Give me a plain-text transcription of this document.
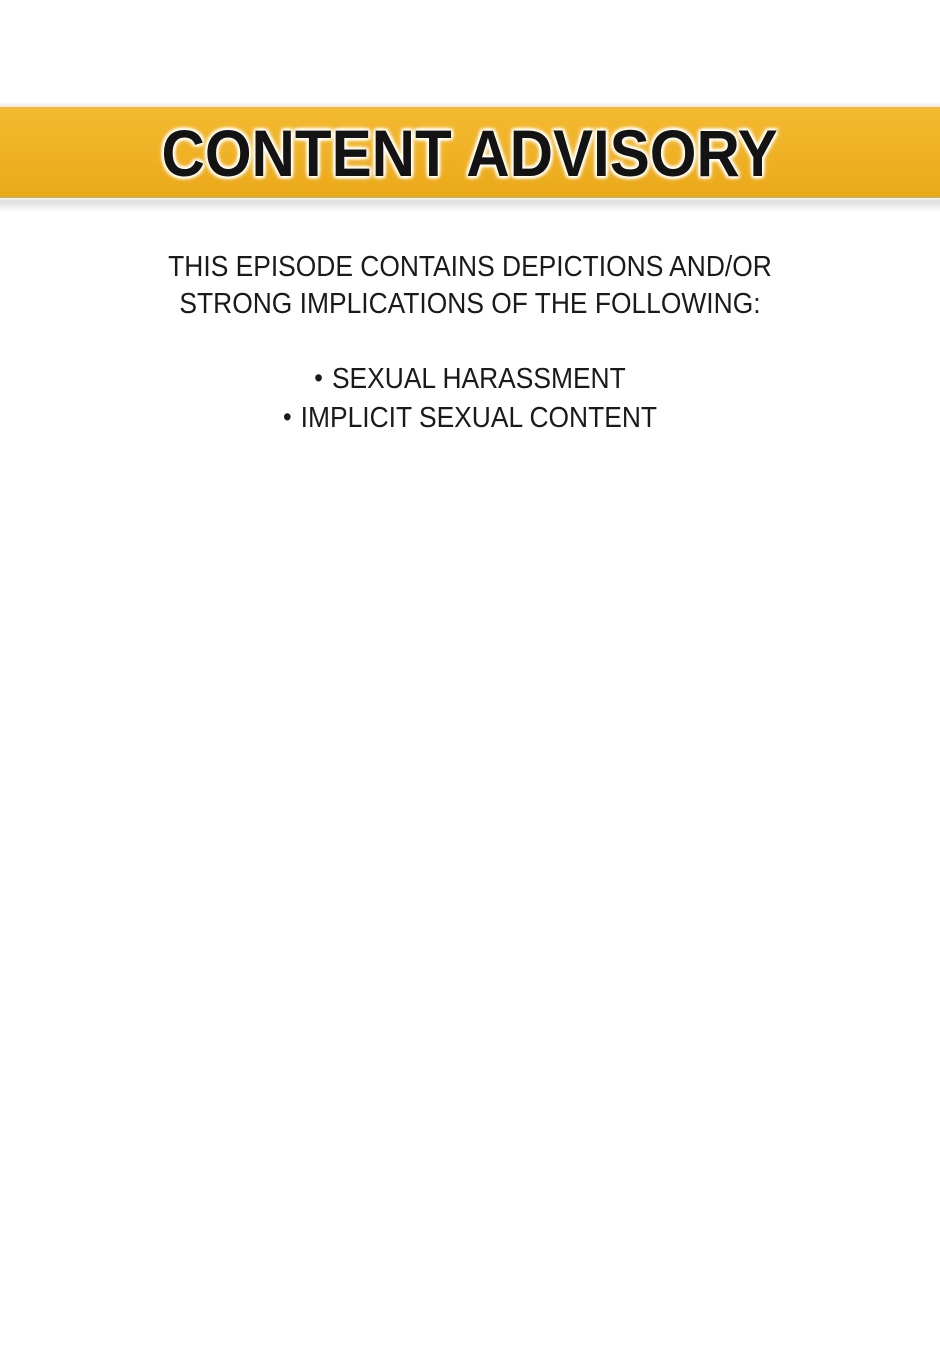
CONTENT ADVISORY

THIS EPISODE CONTAINS DEPICTIONS AND/OR
STRONG IMPLICATIONS OF THE FOLLOWING:

• SEXUAL HARASSMENT
• IMPLICIT SEXUAL CONTENT
